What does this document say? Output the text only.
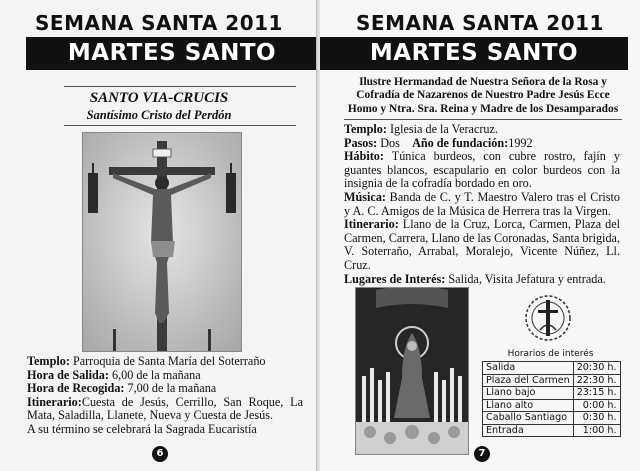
SEMANA SANTA 2011
MARTES SANTO
SANTO VIA-CRUCIS
Santísimo Cristo del Perdón
Templo: Parroquia de Santa María del Soterraño
Hora de Salida: 6,00 de la mañana
Hora de Recogida: 7,00 de la mañana
Itinerario:Cuesta de Jesús, Cerrillo, San Roque, La Mata, Saladilla, Llanete, Nueva y Cuesta de Jesús.
A su término se celebrará la Sagrada Eucaristía
6
SEMANA SANTA 2011
MARTES SANTO
Ilustre Hermandad de Nuestra Señora de la Rosa y Cofradía de Nazarenos de Nuestro Padre Jesús Ecce Homo y Ntra. Sra. Reina y Madre de los Desamparados
Templo: Iglesia de la Veracruz.
Pasos: Dos Año de fundación:1992
Hábito: Túnica burdeos, con cubre rostro, fajín y guantes blancos, escapulario en color burdeos con la insignia de la cofradía bordado en oro.
Música: Banda de C. y T. Maestro Valero tras el Cristo y A. C. Amigos de la Música de Herrera tras la Virgen.
Itinerario: Llano de la Cruz, Lorca, Carmen, Plaza del Carmen, Carrera, Llano de las Coronadas, Santa brigida, V. Soterraño, Arrabal, Moralejo, Vicente Núñez, Ll. Cruz.
Lugares de Interés: Salida, Visita Jefatura y entrada.
Horarios de interés
Salida	20:30 h.
Plaza del Carmen	22:30 h.
Llano bajo	23:15 h.
Llano alto	0:00 h.
Caballo Santiago	0:30 h.
Entrada	1:00 h.
7
